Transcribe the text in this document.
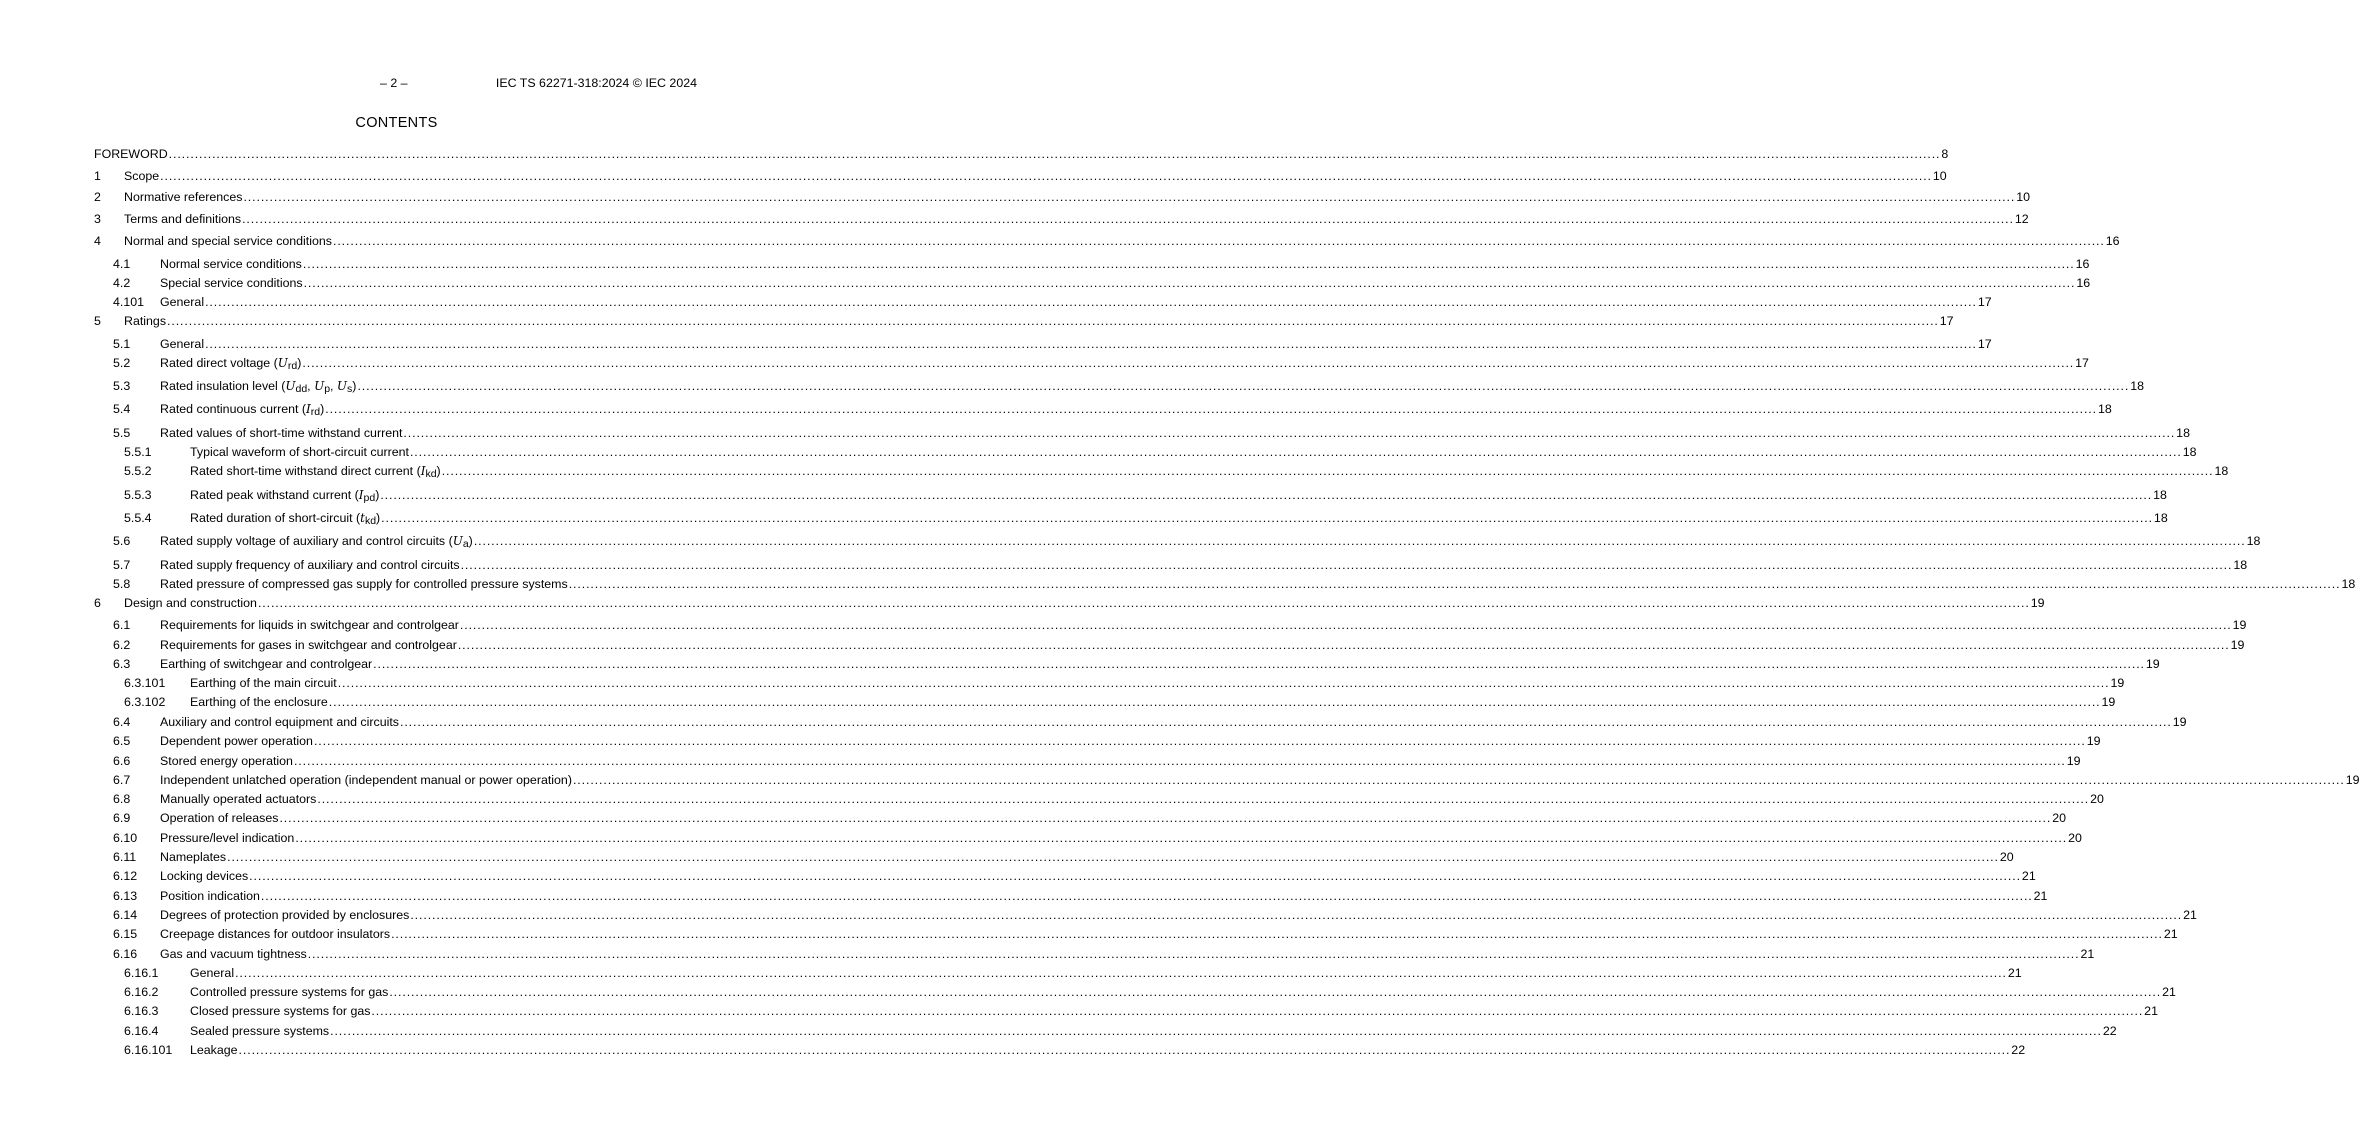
– 2 –	IEC TS 62271-318:2024 © IEC 2024
CONTENTS
FOREWORD .....	8
1	Scope .....	10
2	Normative references .....	10
3	Terms and definitions .....	12
4	Normal and special service conditions .....	16
4.1	Normal service conditions .....	16
4.2	Special service conditions .....	16
4.101	General .....	17
5	Ratings .....	17
5.1	General .....	17
5.2	Rated direct voltage $(U_{rd})$ .....	17
5.3	Rated insulation level ($U_{dd}$, $U_p$, $U_s$) .....	18
5.4	Rated continuous current $(I_{rd})$ .....	18
5.5	Rated values of short-time withstand current .....	18
5.5.1	Typical waveform of short-circuit current .....	18
5.5.2	Rated short-time withstand direct current $(I_{kd})$ .....	18
5.5.3	Rated peak withstand current $(I_{pd})$ .....	18
5.5.4	Rated duration of short-circuit $(t_{kd})$ .....	18
5.6	Rated supply voltage of auxiliary and control circuits $(U_a)$ .....	18
5.7	Rated supply frequency of auxiliary and control circuits .....	18
5.8	Rated pressure of compressed gas supply for controlled pressure systems .....	18
6	Design and construction .....	19
6.1	Requirements for liquids in switchgear and controlgear .....	19
6.2	Requirements for gases in switchgear and controlgear .....	19
6.3	Earthing of switchgear and controlgear .....	19
6.3.101	Earthing of the main circuit .....	19
6.3.102	Earthing of the enclosure .....	19
6.4	Auxiliary and control equipment and circuits .....	19
6.5	Dependent power operation .....	19
6.6	Stored energy operation .....	19
6.7	Independent unlatched operation (independent manual or power operation) .....	19
6.8	Manually operated actuators .....	20
6.9	Operation of releases .....	20
6.10	Pressure/level indication .....	20
6.11	Nameplates .....	20
6.12	Locking devices .....	21
6.13	Position indication .....	21
6.14	Degrees of protection provided by enclosures .....	21
6.15	Creepage distances for outdoor insulators .....	21
6.16	Gas and vacuum tightness .....	21
6.16.1	General .....	21
6.16.2	Controlled pressure systems for gas .....	21
6.16.3	Closed pressure systems for gas .....	21
6.16.4	Sealed pressure systems .....	22
6.16.101	Leakage .....	22
